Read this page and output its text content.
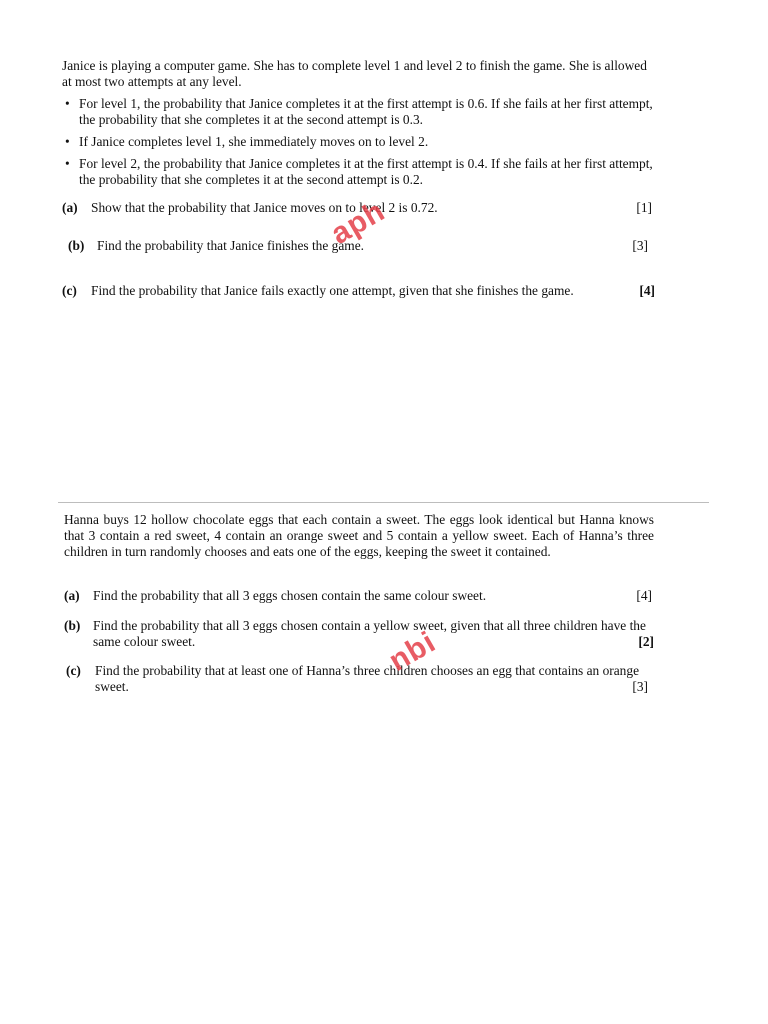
Janice is playing a computer game. She has to complete level 1 and level 2 to finish the game. She is allowed at most two attempts at any level.

• For level 1, the probability that Janice completes it at the first attempt is 0.6. If she fails at her first attempt, the probability that she completes it at the second attempt is 0.3.
• If Janice completes level 1, she immediately moves on to level 2.
• For level 2, the probability that Janice completes it at the first attempt is 0.4. If she fails at her first attempt, the probability that she completes it at the second attempt is 0.2.
(a) Show that the probability that Janice moves on to level 2 is 0.72.	[1]
(b) Find the probability that Janice finishes the game.	[3]
(c) Find the probability that Janice fails exactly one attempt, given that she finishes the game.	[4]

Hanna buys 12 hollow chocolate eggs that each contain a sweet. The eggs look identical but Hanna knows that 3 contain a red sweet, 4 contain an orange sweet and 5 contain a yellow sweet. Each of Hanna’s three children in turn randomly chooses and eats one of the eggs, keeping the sweet it contained.

(a) Find the probability that all 3 eggs chosen contain the same colour sweet.	[4]
(b) Find the probability that all 3 eggs chosen contain a yellow sweet, given that all three children have the same colour sweet.	[2]
(c) Find the probability that at least one of Hanna’s three children chooses an egg that contains an orange sweet.	[3]
aph
nbi
